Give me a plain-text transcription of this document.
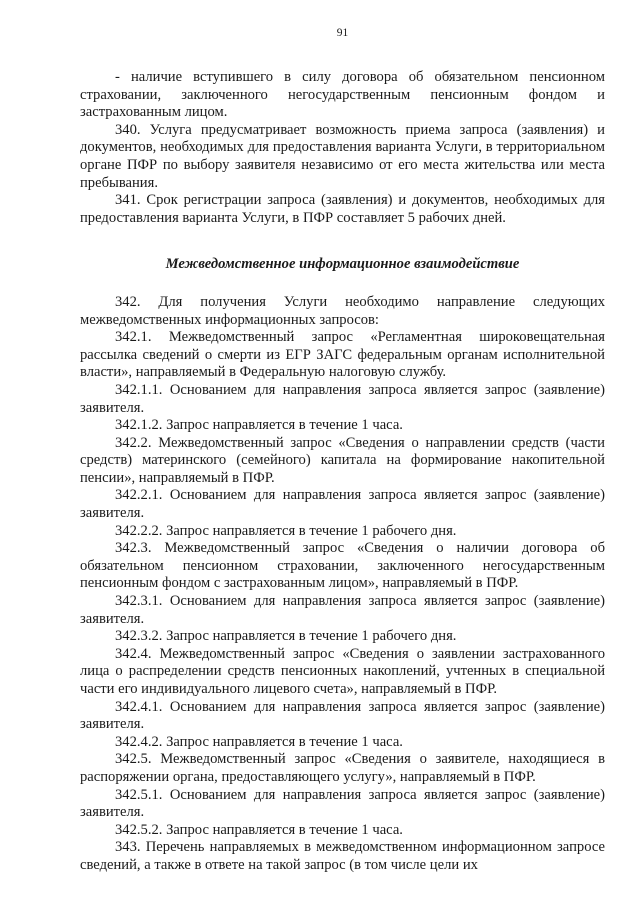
91

- наличие вступившего в силу договора об обязательном пенсионном страховании, заключенного негосударственным пенсионным фондом и застрахованным лицом.

340. Услуга предусматривает возможность приема запроса (заявления) и документов, необходимых для предоставления варианта Услуги, в территориальном органе ПФР по выбору заявителя независимо от его места жительства или места пребывания.

341. Срок регистрации запроса (заявления) и документов, необходимых для предоставления варианта Услуги, в ПФР составляет 5 рабочих дней.

Межведомственное информационное взаимодействие

342. Для получения Услуги необходимо направление следующих межведомственных информационных запросов:

342.1. Межведомственный запрос «Регламентная широковещательная рассылка сведений о смерти из ЕГР ЗАГС федеральным органам исполнительной власти», направляемый в Федеральную налоговую службу.

342.1.1. Основанием для направления запроса является запрос (заявление) заявителя.

342.1.2. Запрос направляется в течение 1 часа.

342.2. Межведомственный запрос «Сведения о направлении средств (части средств) материнского (семейного) капитала на формирование накопительной пенсии», направляемый в ПФР.

342.2.1. Основанием для направления запроса является запрос (заявление) заявителя.

342.2.2. Запрос направляется в течение 1 рабочего дня.

342.3. Межведомственный запрос «Сведения о наличии договора об обязательном пенсионном страховании, заключенного негосударственным пенсионным фондом с застрахованным лицом», направляемый в ПФР.

342.3.1. Основанием для направления запроса является запрос (заявление) заявителя.

342.3.2. Запрос направляется в течение 1 рабочего дня.

342.4. Межведомственный запрос «Сведения о заявлении застрахованного лица о распределении средств пенсионных накоплений, учтенных в специальной части его индивидуального лицевого счета», направляемый в ПФР.

342.4.1. Основанием для направления запроса является запрос (заявление) заявителя.

342.4.2. Запрос направляется в течение 1 часа.

342.5. Межведомственный запрос «Сведения о заявителе, находящиеся в распоряжении органа, предоставляющего услугу», направляемый в ПФР.

342.5.1. Основанием для направления запроса является запрос (заявление) заявителя.

342.5.2. Запрос направляется в течение 1 часа.

343. Перечень направляемых в межведомственном информационном запросе сведений, а также в ответе на такой запрос (в том числе цели их
